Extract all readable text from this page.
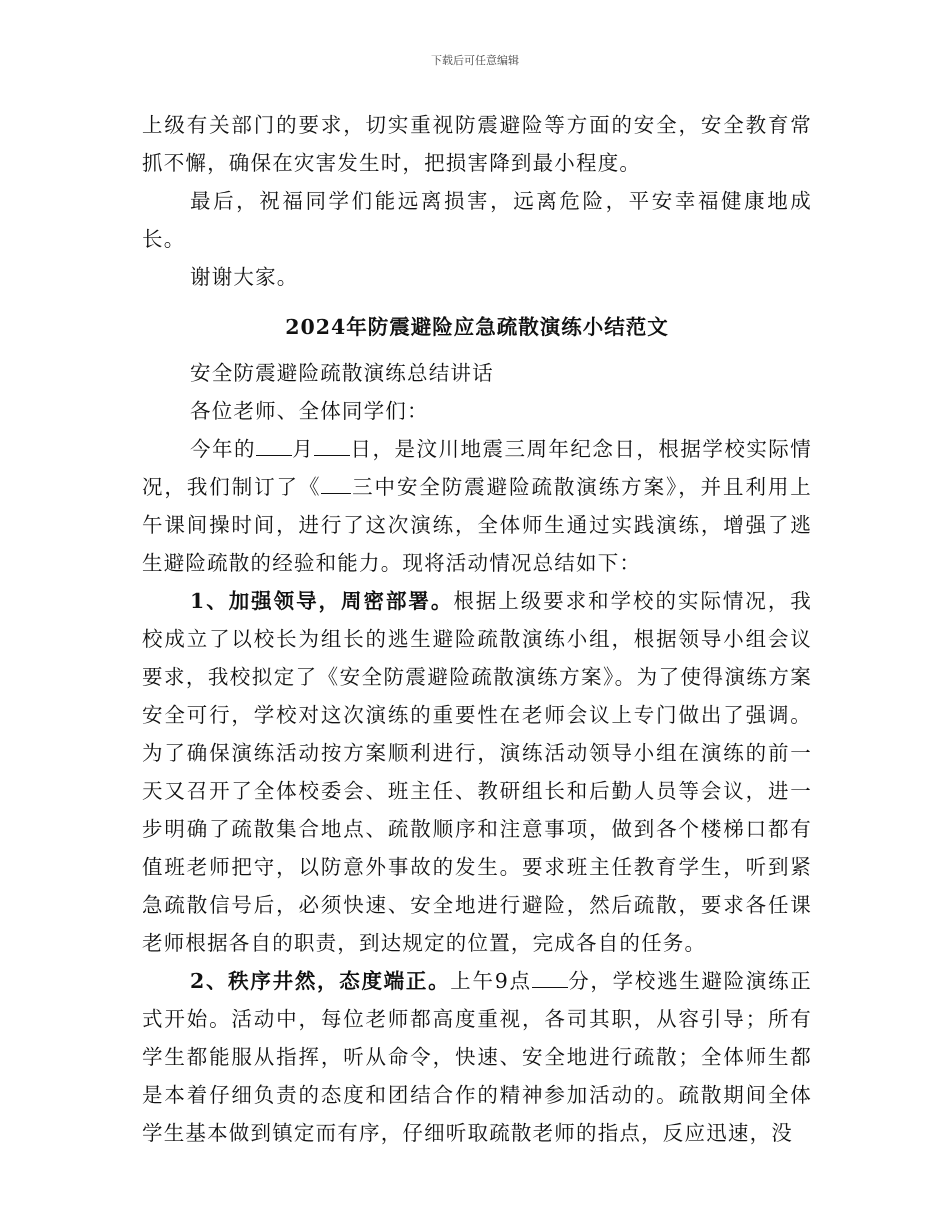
下载后可任意编辑

上级有关部门的要求，切实重视防震避险等方面的安全，安全教育常抓不懈，确保在灾害发生时，把损害降到最小程度。

最后，祝福同学们能远离损害，远离危险，平安幸福健康地成长。

谢谢大家。

2024年防震避险应急疏散演练小结范文

安全防震避险疏散演练总结讲话

各位老师、全体同学们：

今年的 月 日，是汶川地震三周年纪念日，根据学校实际情况，我们制订了《 三中安全防震避险疏散演练方案》，并且利用上午课间操时间，进行了这次演练，全体师生通过实践演练，增强了逃生避险疏散的经验和能力。现将活动情况总结如下：

1、加强领导，周密部署。根据上级要求和学校的实际情况，我校成立了以校长为组长的逃生避险疏散演练小组，根据领导小组会议要求，我校拟定了《安全防震避险疏散演练方案》。为了使得演练方案安全可行，学校对这次演练的重要性在老师会议上专门做出了强调。为了确保演练活动按方案顺利进行，演练活动领导小组在演练的前一天又召开了全体校委会、班主任、教研组长和后勤人员等会议，进一步明确了疏散集合地点、疏散顺序和注意事项，做到各个楼梯口都有值班老师把守，以防意外事故的发生。要求班主任教育学生，听到紧急疏散信号后，必须快速、安全地进行避险，然后疏散，要求各任课老师根据各自的职责，到达规定的位置，完成各自的任务。

2、秩序井然，态度端正。上午9点 分，学校逃生避险演练正式开始。活动中，每位老师都高度重视，各司其职，从容引导；所有学生都能服从指挥，听从命令，快速、安全地进行疏散；全体师生都是本着仔细负责的态度和团结合作的精神参加活动的。疏散期间全体学生基本做到镇定而有序，仔细听取疏散老师的指点，反应迅速，没
